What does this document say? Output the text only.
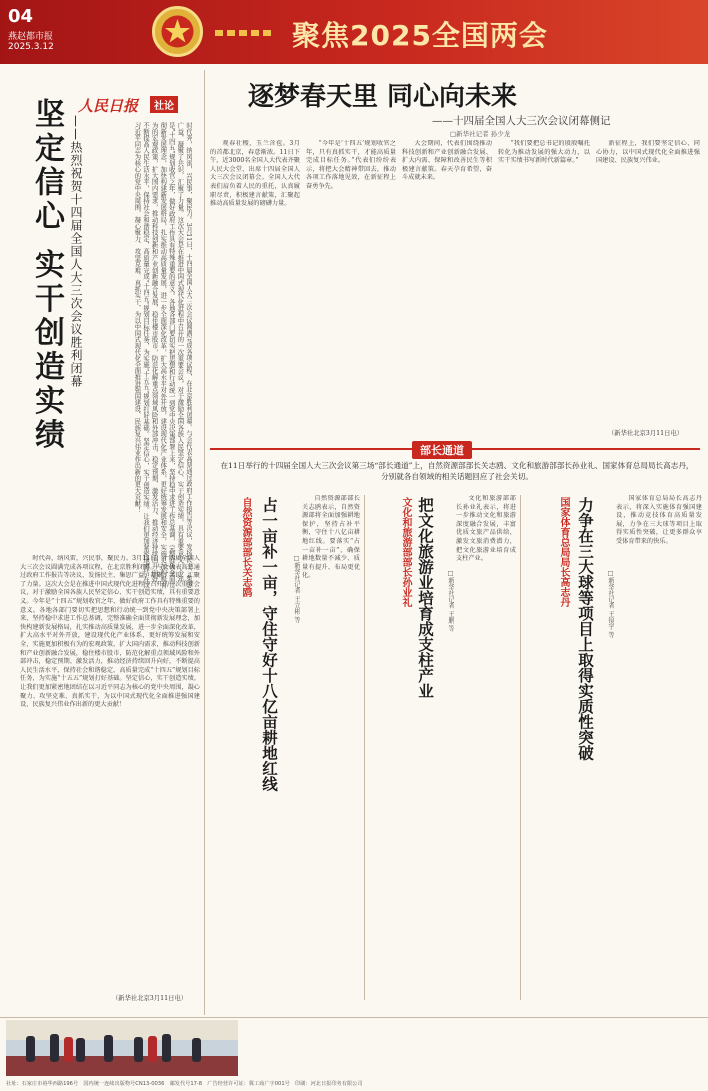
04
燕赵都市报
2025.3.12	聚焦2025全国两会
人民日报	社论
坚定信心 实干创造实绩 ——热烈祝贺十四届全国人大三次会议胜利闭幕	时代奔，纳风雷，兴民事，聚民力。3月11日，十四届全国人大三次会议圆满完成各项议程，在北京胜利闭幕。与会代表高票通过政府工作报告等决议，发扬民主、集思广益，凝聚了共识、汇聚了力量。这次大会是在推进中国式现代化进程中召开的一次重要会议，对于激励全国各族人民坚定信心、实干创造实绩，具有重要意义。今年是“十四五”规划收官之年，做好政府工作具有特殊重要的意义。各地各部门要切实把思想和行动统一到党中央决策部署上来，坚持稳中求进工作总基调，完整准确全面贯彻新发展理念，加快构建新发展格局，扎实推动高质量发展，进一步全面深化改革，扩大高水平对外开放，建设现代化产业体系，更好统筹发展和安全，实施更加积极有为的宏观政策，扩大国内需求，推动科技创新和产业创新融合发展，稳住楼市股市，防范化解重点领域风险和外部冲击，稳定预期、激发活力，推动经济持续回升向好，不断提高人民生活水平，保持社会和谐稳定，高质量完成“十四五”规划目标任务，为实施“十五五”规划打好基础。坚定信心，实干创造实绩。让我们更加紧密地团结在以习近平同志为核心的党中央周围，凝心聚力、攻坚克难、真抓实干，为以中国式现代化全面推进强国建设、民族复兴伟业作出新的更大贡献！
时代奔，纳风雷，兴民事，聚民力。3月11日，十四届全国人大三次会议圆满完成各项议程，在北京胜利闭幕。与会代表高票通过政府工作报告等决议，发扬民主、集思广益，凝聚了共识、汇聚了力量。这次大会是在推进中国式现代化进程中召开的一次重要会议，对于激励全国各族人民坚定信心、实干创造实绩，具有重要意义。今年是“十四五”规划收官之年，做好政府工作具有特殊重要的意义。各地各部门要切实把思想和行动统一到党中央决策部署上来，坚持稳中求进工作总基调，完整准确全面贯彻新发展理念，加快构建新发展格局，扎实推动高质量发展，进一步全面深化改革，扩大高水平对外开放，建设现代化产业体系，更好统筹发展和安全，实施更加积极有为的宏观政策，扩大国内需求，推动科技创新和产业创新融合发展，稳住楼市股市，防范化解重点领域风险和外部冲击，稳定预期、激发活力，推动经济持续回升向好，不断提高人民生活水平，保持社会和谐稳定，高质量完成“十四五”规划目标任务，为实施“十五五”规划打好基础。坚定信心，实干创造实绩。让我们更加紧密地团结在以习近平同志为核心的党中央周围，凝心聚力、攻坚克难、真抓实干，为以中国式现代化全面推进强国建设、民族复兴伟业作出新的更大贡献！
（新华社北京3月11日电）
逐梦春天里 同心向未来
——十四届全国人大三次会议闭幕侧记
□新华社记者 孙少龙
观春社稷，玉兰含苞。3月的首都北京，春意渐浓。11日下午，近3000名全国人大代表齐聚人民大会堂，出席十四届全国人大三次会议闭幕会。全国人大代表们肩负着人民的重托，认真履职尽责，积极建言献策，汇聚起推动高质量发展的磅礴力量。
“今年是‘十四五’规划收官之年，只有真抓实干，才能高质量完成目标任务。”代表们纷纷表示，将把大会精神带回去，推动各项工作落地见效，在新征程上奋勇争先。
大会期间，代表们围绕推动科技创新和产业创新融合发展、扩大内需、保障和改善民生等积极建言献策。春天孕育希望，奋斗成就未来。
“我们要把总书记的殷殷嘱托转化为推动发展的强大动力，以实干实绩书写新时代新篇章。”
新征程上，我们要坚定信心、同心协力，以中国式现代化全面推进强国建设、民族复兴伟业。
（新华社北京3月11日电）
部长通道
在11日举行的十四届全国人大三次会议第三场“部长通道”上，自然资源部部长关志鸥、文化和旅游部部长孙业礼、国家体育总局局长高志丹，分别就各自领域的相关话题回应了社会关切。
自然资源部部长关志鸥 占一亩补一亩，守住守好十八亿亩耕地红线	□新华社记者 王立彬 等
自然资源部部长关志鸥表示，自然资源部将全面加强耕地保护，坚持占补平衡，守住十八亿亩耕地红线。要落实“占一亩补一亩”，确保耕地数量不减少、质量有提升、布局更优化。	文化和旅游部部长孙业礼 把文化旅游业培育成支柱产业	□新华社记者 王鹏 等
文化和旅游部部长孙业礼表示，将进一步推动文化和旅游深度融合发展，丰富优质文旅产品供给，激发文旅消费潜力，把文化旅游业培育成支柱产业。	国家体育总局局长高志丹 力争在三大球等项目上取得实质性突破	□新华社记者 王镜宇 等
国家体育总局局长高志丹表示，将深入实施体育强国建设，推动竞技体育高质量发展，力争在三大球等项目上取得实质性突破，让更多群众享受体育带来的快乐。
社址：石家庄市裕华西路196号　国内统一连续出版物号CN13-0036　邮发代号17-8　广告经营许可证：冀工商广字001号　印刷：河北日报印务有限公司
